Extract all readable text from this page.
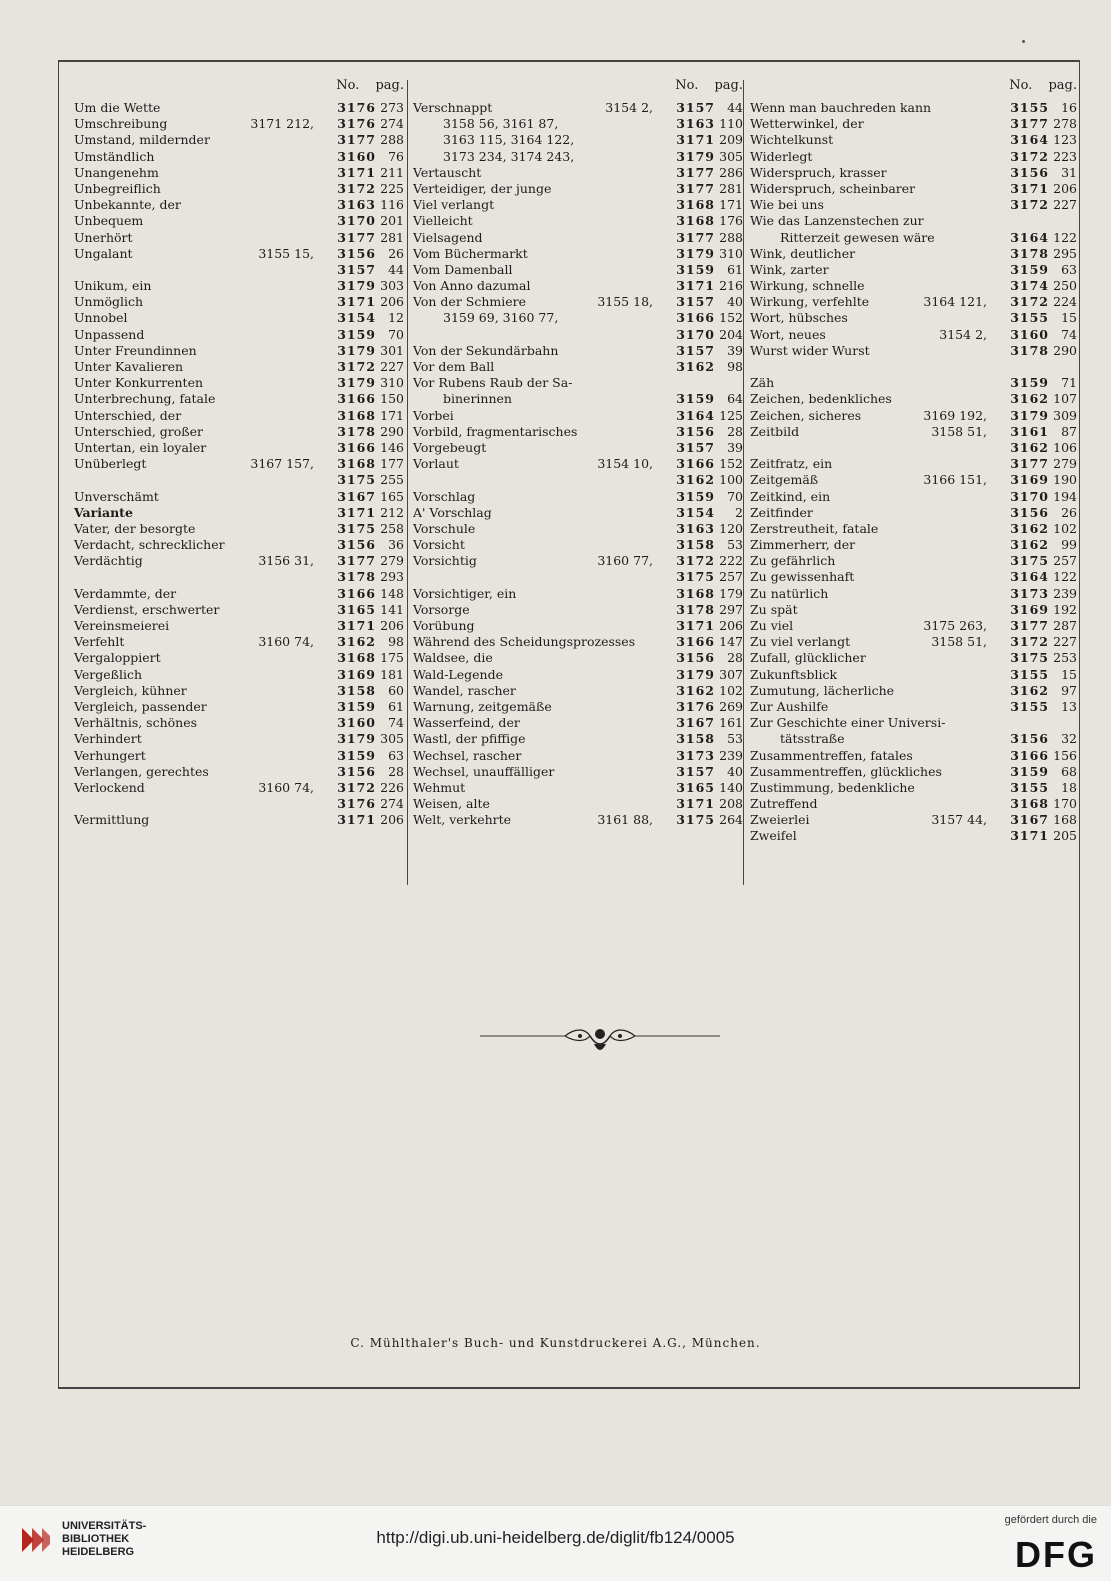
No. pag.
Um die Wette	3176 273
Umschreibung	3171 212, 3176 274
Umstand, mildernder	3177 288
Umständlich	3160 76
Unangenehm	3171 211
Unbegreiflich	3172 225
Unbekannte, der	3163 116
Unbequem	3170 201
Unerhört	3177 281
Ungalant	3155 15, 3156 26
3157 44
Unikum, ein	3179 303
Unmöglich	3171 206
Unnobel	3154 12
Unpassend	3159 70
Unter Freundinnen	3179 301
Unter Kavalieren	3172 227
Unter Konkurrenten	3179 310
Unterbrechung, fatale	3166 150
Unterschied, der	3168 171
Unterschied, großer	3178 290
Untertan, ein loyaler	3166 146
Unüberlegt	3167 157, 3168 177
3175 255
Unverschämt	3167 165
Variante	3171 212
Vater, der besorgte	3175 258
Verdacht, schrecklicher	3156 36
Verdächtig	3156 31, 3177 279
3178 293
Verdammte, der	3166 148
Verdienst, erschwerter	3165 141
Vereinsmeierei	3171 206
Verfehlt	3160 74, 3162 98
Vergaloppiert	3168 175
Vergeßlich	3169 181
Vergleich, kühner	3158 60
Vergleich, passender	3159 61
Verhältnis, schönes	3160 74
Verhindert	3179 305
Verhungert	3159 63
Verlangen, gerechtes	3156 28
Verlockend	3160 74, 3172 226
3176 274
Vermittlung	3171 206
No. pag.
Verschnappt	3154 2, 3157 44
3158 56, 3161 87,	3163 110
3163 115, 3164 122,	3171 209
3173 234, 3174 243,	3179 305
Vertauscht	3177 286
Verteidiger, der junge	3177 281
Viel verlangt	3168 171
Vielleicht	3168 176
Vielsagend	3177 288
Vom Büchermarkt	3179 310
Vom Damenball	3159 61
Von Anno dazumal	3171 216
Von der Schmiere	3155 18, 3157 40
3159 69, 3160 77,	3166 152
3170 204
Von der Sekundärbahn	3157 39
Vor dem Ball	3162 98
Vor Rubens Raub der Sa-
binerinnen	3159 64
Vorbei	3164 125
Vorbild, fragmentarisches	3156 28
Vorgebeugt	3157 39
Vorlaut	3154 10, 3166 152
3162 100
Vorschlag	3159 70
A' Vorschlag	3154	2
Vorschule	3163 120
Vorsicht	3158 53
Vorsichtig	3160 77, 3172 222
3175 257
Vorsichtiger, ein	3168 179
Vorsorge	3178 297
Vorübung	3171 206
Während des Scheidungsprozesses	3166 147
Waldsee, die	3156 28
Wald-Legende	3179 307
Wandel, rascher	3162 102
Warnung, zeitgemäße	3176 269
Wasserfeind, der	3167 161
Wastl, der pfiffige	3158 53
Wechsel, rascher	3173 239
Wechsel, unauffälliger	3157 40
Wehmut	3165 140
Weisen, alte	3171 208
Welt, verkehrte	3161 88, 3175 264
No. pag.
Wenn man bauchreden kann	3155 16
Wetterwinkel, der	3177 278
Wichtelkunst	3164 123
Widerlegt	3172 223
Widerspruch, krasser	3156 31
Widerspruch, scheinbarer	3171 206
Wie bei uns	3172 227
Wie das Lanzenstechen zur
Ritterzeit gewesen wäre	3164 122
Wink, deutlicher	3178 295
Wink, zarter	3159 63
Wirkung, schnelle	3174 250
Wirkung, verfehlte	3164 121, 3172 224
Wort, hübsches	3155 15
Wort, neues	3154 2, 3160 74
Wurst wider Wurst	3178 290
Zäh	3159 71
Zeichen, bedenkliches	3162 107
Zeichen, sicheres	3169 192, 3179 309
Zeitbild	3158 51, 3161 87
3162 106
Zeitfratz, ein	3177 279
Zeitgemäß	3166 151, 3169 190
Zeitkind, ein	3170 194
Zeitfinder	3156 26
Zerstreutheit, fatale	3162 102
Zimmerherr, der	3162 99
Zu gefährlich	3175 257
Zu gewissenhaft	3164 122
Zu natürlich	3173 239
Zu spät	3169 192
Zu viel	3175 263, 3177 287
Zu viel verlangt	3158 51, 3172 227
Zufall, glücklicher	3175 253
Zukunftsblick	3155 15
Zumutung, lächerliche	3162 97
Zur Aushilfe	3155 13
Zur Geschichte einer Universi-
tätsstraße	3156 32
Zusammentreffen, fatales	3166 156
Zusammentreffen, glückliches	3159 68
Zustimmung, bedenkliche	3155 18
Zutreffend	3168 170
Zweierlei	3157 44, 3167 168
Zweifel	3171 205
C. Mühlthaler's Buch- und Kunstdruckerei A.G., München.
UNIVERSITÄTS-
BIBLIOTHEK
HEIDELBERG
http://digi.ub.uni-heidelberg.de/diglit/fb124/0005
gefördert durch die
DFG
